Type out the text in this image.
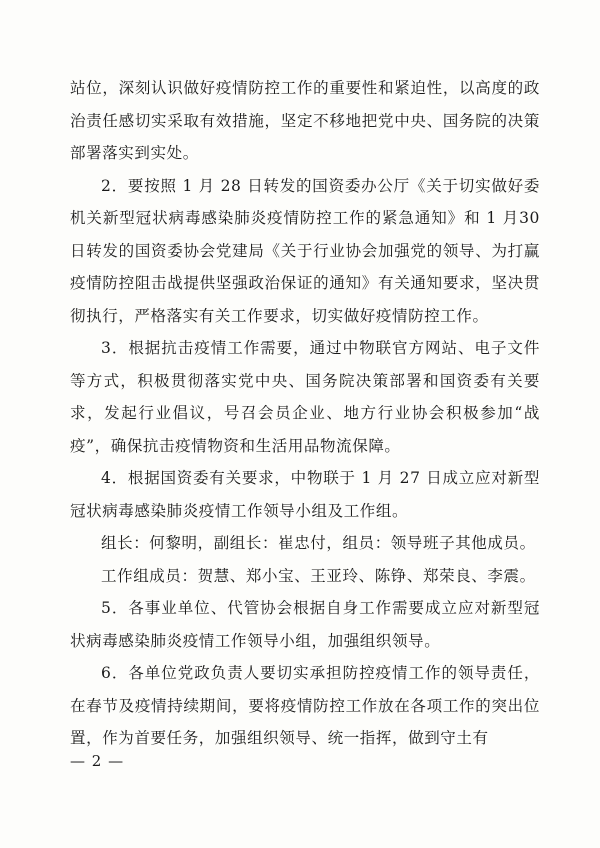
站位，深刻认识做好疫情防控工作的重要性和紧迫性，以高度的政治责任感切实采取有效措施，坚定不移地把党中央、国务院的决策部署落实到实处。

2．要按照 1 月 28 日转发的国资委办公厅《关于切实做好委机关新型冠状病毒感染肺炎疫情防控工作的紧急通知》和 1 月30日转发的国资委协会党建局《关于行业协会加强党的领导、为打赢疫情防控阻击战提供坚强政治保证的通知》有关通知要求，坚决贯彻执行，严格落实有关工作要求，切实做好疫情防控工作。

3．根据抗击疫情工作需要，通过中物联官方网站、电子文件等方式，积极贯彻落实党中央、国务院决策部署和国资委有关要求，发起行业倡议，号召会员企业、地方行业协会积极参加“战疫”，确保抗击疫情物资和生活用品物流保障。

4．根据国资委有关要求，中物联于 1 月 27 日成立应对新型冠状病毒感染肺炎疫情工作领导小组及工作组。

组长：何黎明，副组长：崔忠付，组员：领导班子其他成员。

工作组成员：贺慧、郑小宝、王亚玲、陈铮、郑荣良、李震。

5．各事业单位、代管协会根据自身工作需要成立应对新型冠状病毒感染肺炎疫情工作领导小组，加强组织领导。

6．各单位党政负责人要切实承担防控疫情工作的领导责任，在春节及疫情持续期间，要将疫情防控工作放在各项工作的突出位置，作为首要任务，加强组织领导、统一指挥，做到守土有

— 2 —
